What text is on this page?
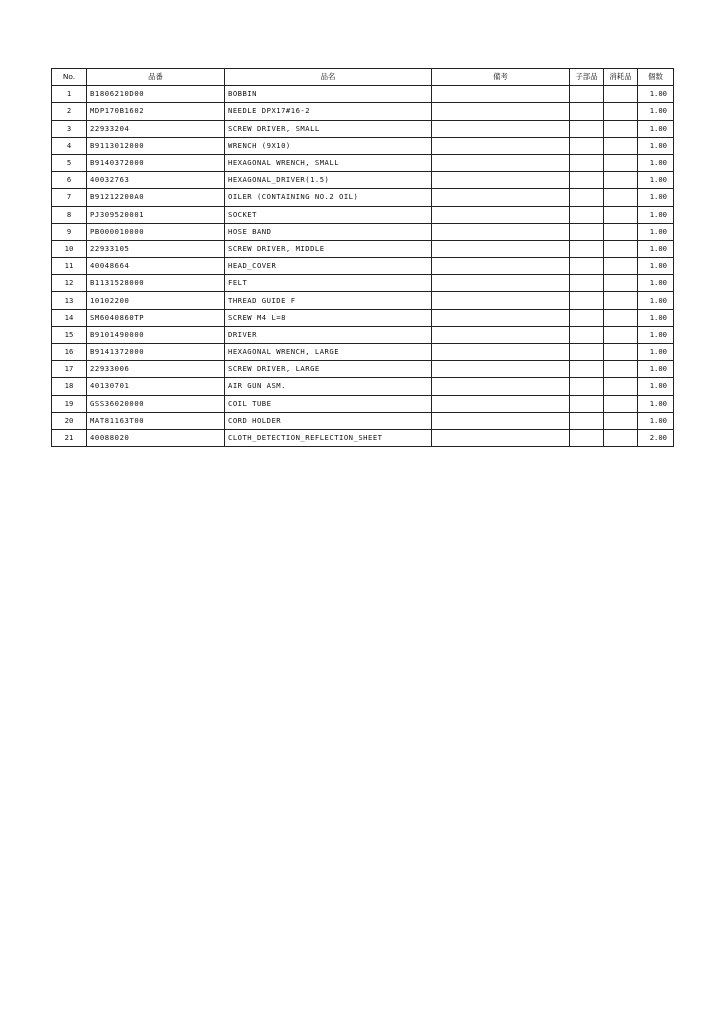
No.	品番	品名	備考	子部品	消耗品	個数
1	B1806210D00	BOBBIN				1.00
2	MDP170B1602	NEEDLE DPX17#16-2				1.00
3	22933204	SCREW DRIVER, SMALL				1.00
4	B9113012000	WRENCH (9X10)				1.00
5	B9140372000	HEXAGONAL WRENCH, SMALL				1.00
6	40032763	HEXAGONAL_DRIVER(1.5)				1.00
7	B91212200A0	OILER (CONTAINING NO.2 OIL)				1.00
8	PJ309520001	SOCKET				1.00
9	PB000010000	HOSE BAND				1.00
10	22933105	SCREW DRIVER, MIDDLE				1.00
11	40048664	HEAD_COVER				1.00
12	B1131528000	FELT				1.00
13	10102200	THREAD GUIDE F				1.00
14	SM6040860TP	SCREW M4 L=8				1.00
15	B9101490000	DRIVER				1.00
16	B9141372000	HEXAGONAL WRENCH, LARGE				1.00
17	22933006	SCREW DRIVER, LARGE				1.00
18	40130701	AIR GUN ASM.				1.00
19	GSS36020000	COIL TUBE				1.00
20	MAT81163T00	CORD HOLDER				1.00
21	40088020	CLOTH_DETECTION_REFLECTION_SHEET				2.00
